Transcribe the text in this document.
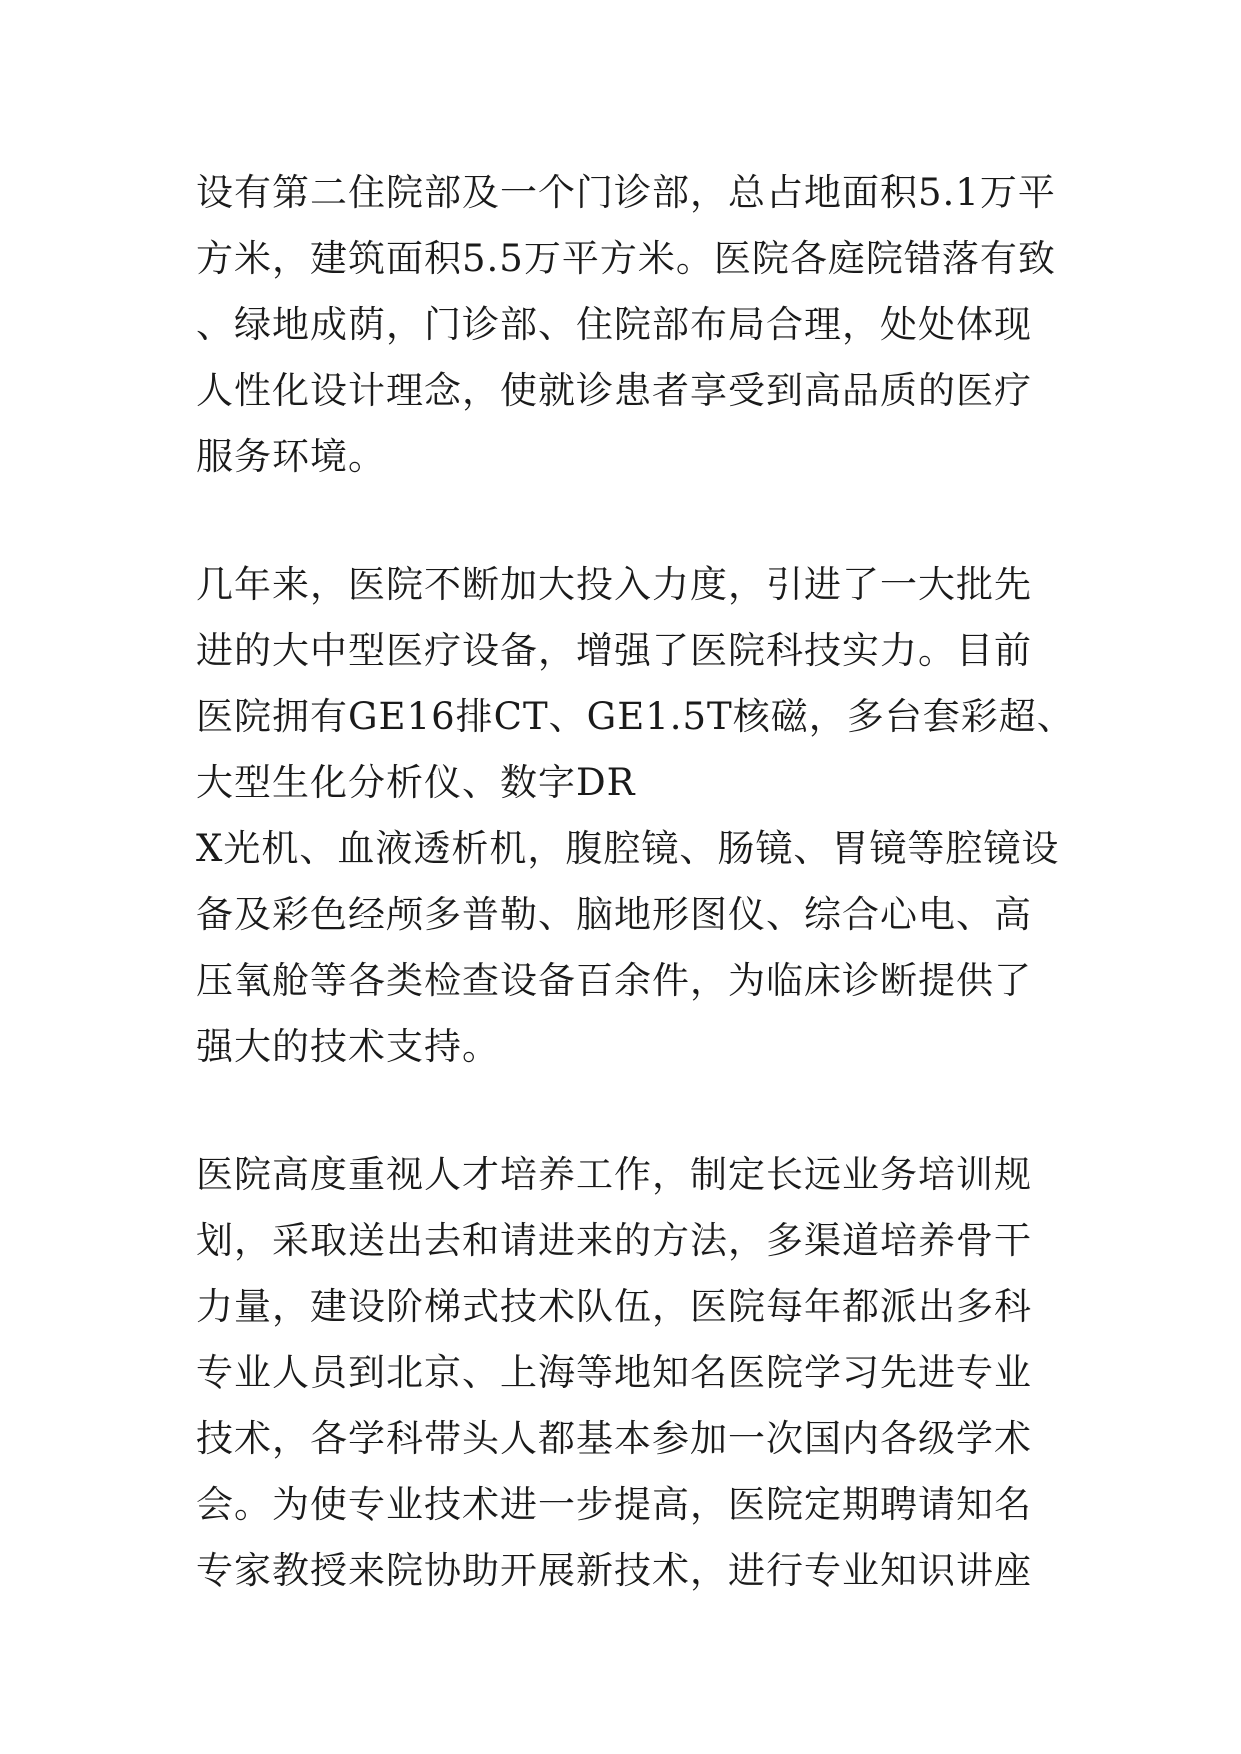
设有第二住院部及一个门诊部，总占地面积5.1万平
方米，建筑面积5.5万平方米。医院各庭院错落有致
、绿地成荫，门诊部、住院部布局合理，处处体现
人性化设计理念，使就诊患者享受到高品质的医疗
服务环境。
几年来，医院不断加大投入力度，引进了一大批先
进的大中型医疗设备，增强了医院科技实力。目前
医院拥有GE16排CT、GE1.5T核磁，多台套彩超、
大型生化分析仪、数字DR
X光机、血液透析机，腹腔镜、肠镜、胃镜等腔镜设
备及彩色经颅多普勒、脑地形图仪、综合心电、高
压氧舱等各类检查设备百余件，为临床诊断提供了
强大的技术支持。
医院高度重视人才培养工作，制定长远业务培训规
划，采取送出去和请进来的方法，多渠道培养骨干
力量，建设阶梯式技术队伍，医院每年都派出多科
专业人员到北京、上海等地知名医院学习先进专业
技术，各学科带头人都基本参加一次国内各级学术
会。为使专业技术进一步提高，医院定期聘请知名
专家教授来院协助开展新技术，进行专业知识讲座
